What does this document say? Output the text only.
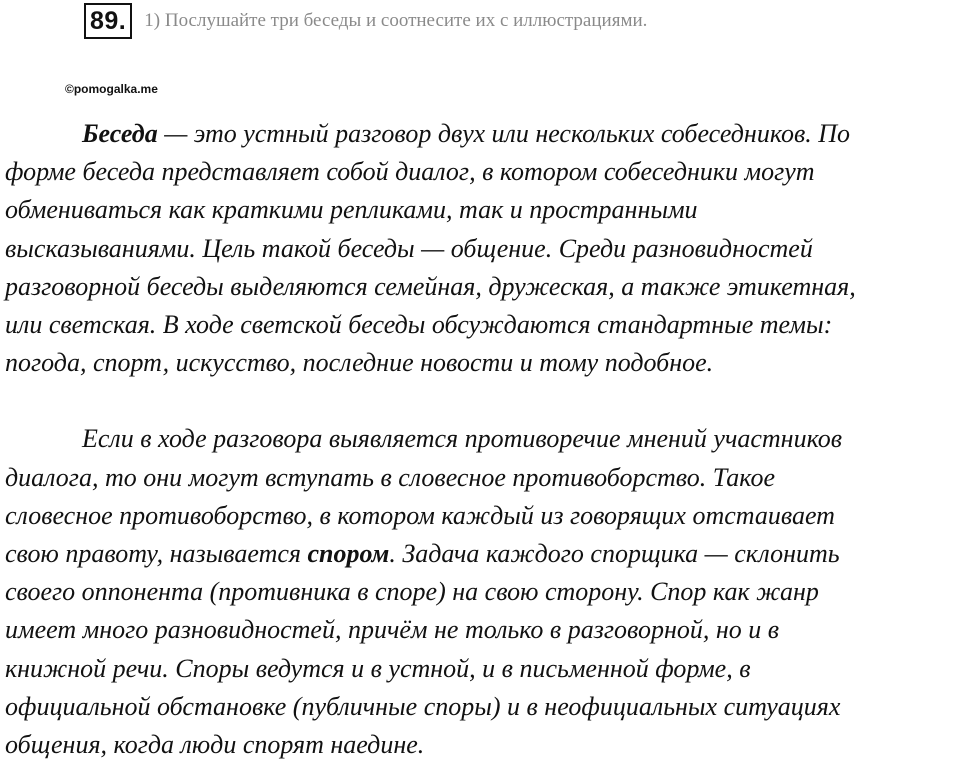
89. 1) Послушайте три беседы и соотнесите их с иллюстрациями.
©pomogalka.me

Беседа — это устный разговор двух или нескольких собеседников. По
форме беседа представляет собой диалог, в котором собеседники могут
обмениваться как краткими репликами, так и пространными
высказываниями. Цель такой беседы — общение. Среди разновидностей
разговорной беседы выделяются семейная, дружеская, а также этикетная,
или светская. В ходе светской беседы обсуждаются стандартные темы:
погода, спорт, искусство, последние новости и тому подобное.

Если в ходе разговора выявляется противоречие мнений участников
диалога, то они могут вступать в словесное противоборство. Такое
словесное противоборство, в котором каждый из говорящих отстаивает
свою правоту, называется спором. Задача каждого спорщика — склонить
своего оппонента (противника в споре) на свою сторону. Спор как жанр
имеет много разновидностей, причём не только в разговорной, но и в
книжной речи. Споры ведутся и в устной, и в письменной форме, в
официальной обстановке (публичные споры) и в неофициальных ситуациях
общения, когда люди спорят наедине.
